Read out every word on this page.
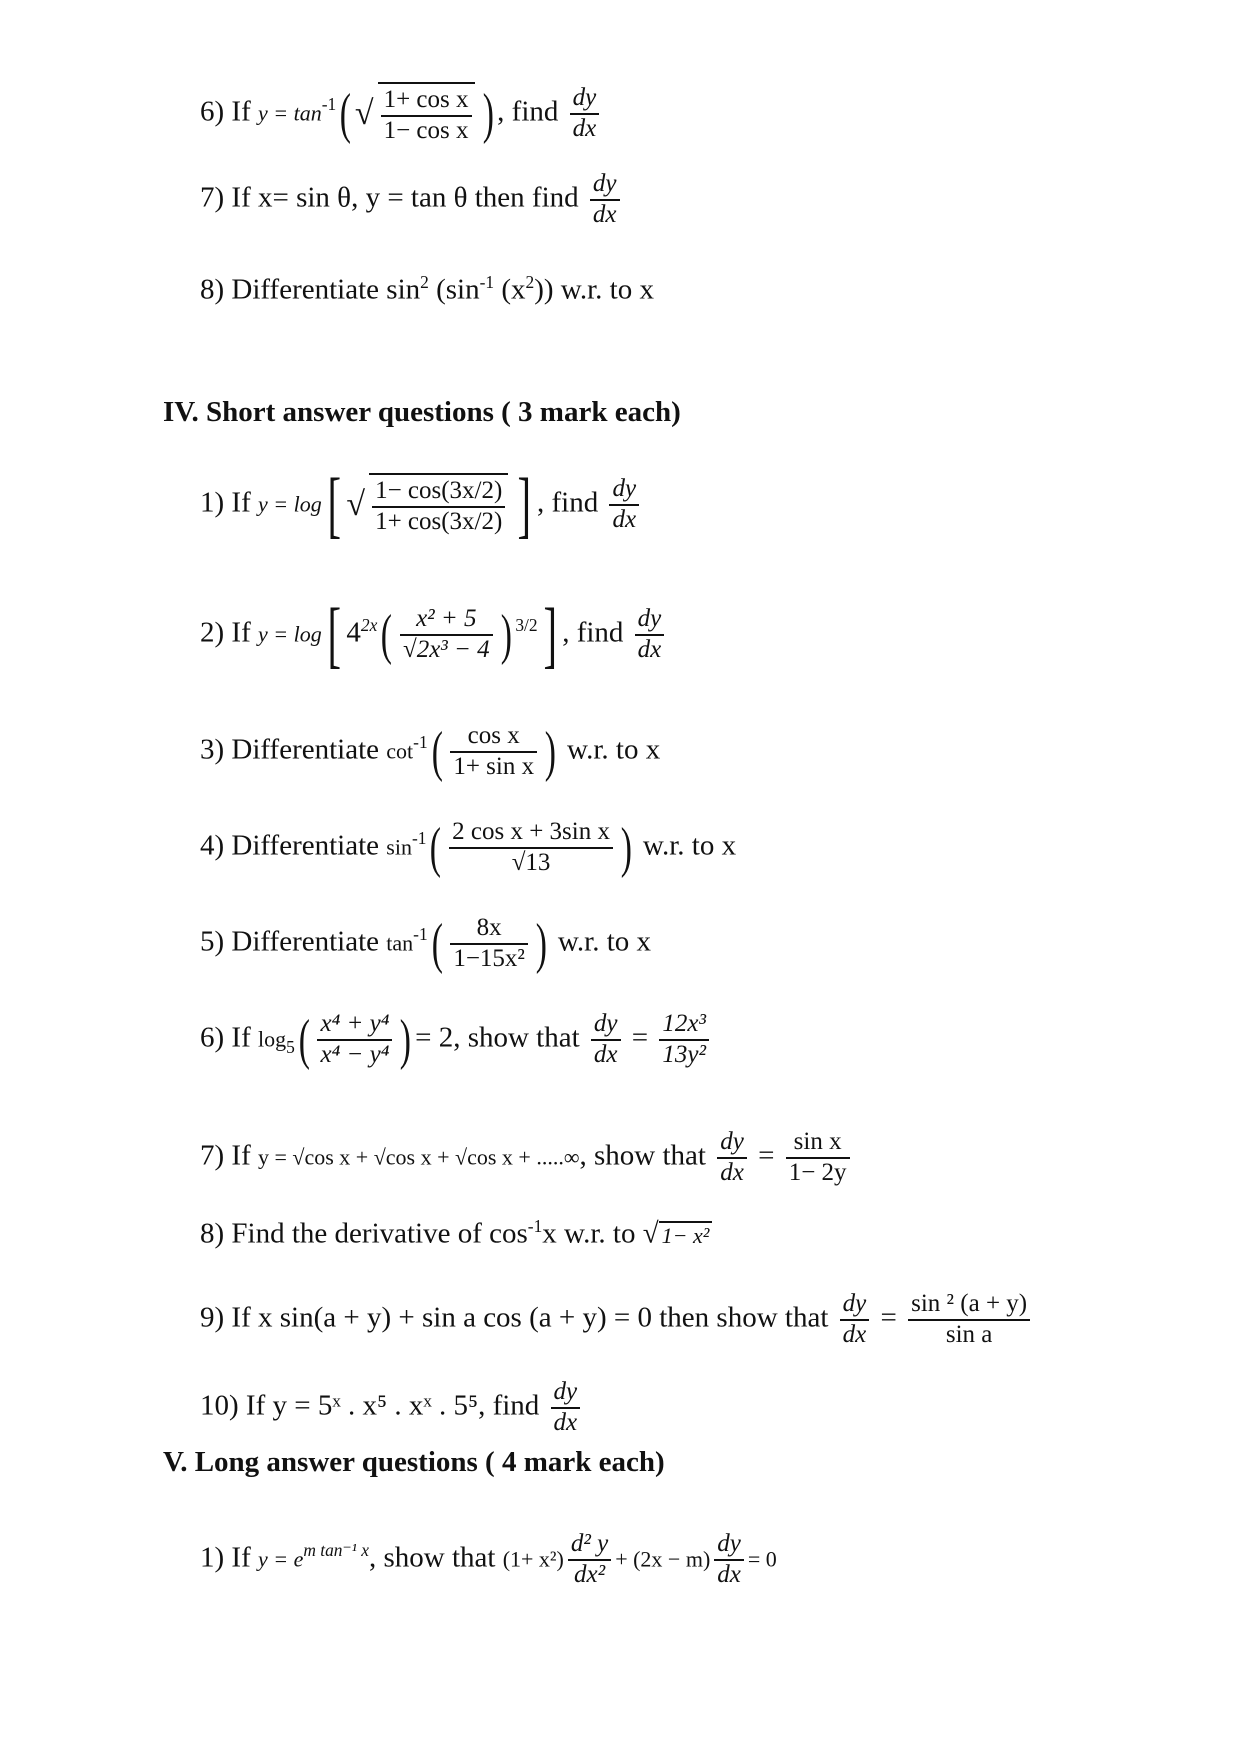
6) If $y = \tan^{-1}$( √ $\frac{\text{1+ cos x}}{\text{1− cos x}}$ ) , find $\frac{dy}{dx}$
7) If x= sin θ, y = tan θ then find $\frac{dy}{dx}$
8) Differentiate $\sin^2 (\sin^{-1}$ $(x^2)$) w.r. to x
IV. Short answer questions ( 3 mark each)
1) If y = log[ √ $\frac{1- \cos(3x/2)}{1+ \cos(3x/2)}$ ] , find $\frac{dy}{dx}$
2) If y = log[ $4^{2x}( \frac{\text{x² + 5}}{\text{√2x³ − 4}}$ ) $^{3/2}$] , find $\frac{dy}{dx}$
3) Differentiate $\cot^{-1}( \frac{\text{cos x}}{\text{1+ sin x}}$ ) w.r. to x
4) Differentiate $\sin^{-1}( \frac{\text{2 cos x + 3sin x}}{√13}$ ) w.r. to x
5) Differentiate $\tan^{-1}( \frac{8x}{\text{1−15x²}}$ ) w.r. to x
6) If $\log_5( \frac{\text{x⁴ + y⁴}}{\text{x⁴ − y⁴}}$ ) = 2, show that $\frac{dy}{dx} = \frac{\text{12x³}}{\text{13y²}}$
7) If y = √cos x + √cos x + √cos x + .....∞, show that $\frac{dy}{dx} = \frac{\text{sin x}}{1- 2y}$
8) Find the derivative of $\cos^{-1}x$ w.r. to √ 1− x²
9) If x sin(a + y) + sin a cos (a + y) = 0 then show that $\frac{dy}{dx} = \frac{\text{sin ² (a + y)}}{\text{sin a}}$
10) If y = 5ˣ . x⁵ . xˣ . 5⁵, find $\frac{dy}{dx}$
V. Long answer questions ( 4 mark each)
1) If $y = e^{m tan^{-1} x}$, show that $(1+ x^2) \frac{\text{d² y}}{\text{dx²}} + (2x - m) \frac{dy}{dx} = 0$
